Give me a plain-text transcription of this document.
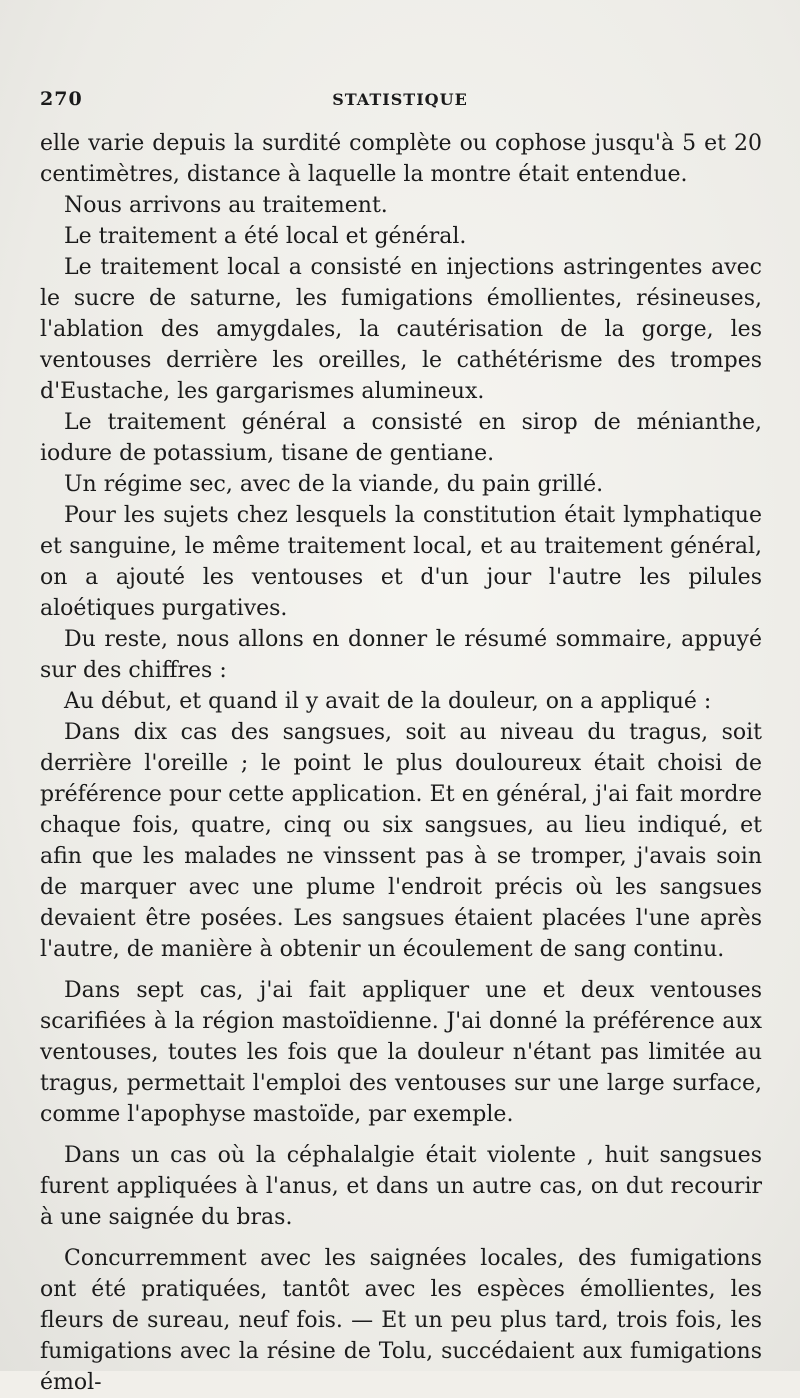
270	STATISTIQUE

elle varie depuis la surdité complète ou cophose jusqu'à 5 et 20 centimètres, distance à laquelle la montre était entendue.

Nous arrivons au traitement.

Le traitement a été local et général.

Le traitement local a consisté en injections astringentes avec le sucre de saturne, les fumigations émollientes, résineuses, l'ablation des amygdales, la cautérisation de la gorge, les ventouses derrière les oreilles, le cathétérisme des trompes d'Eustache, les gargarismes alumineux.

Le traitement général a consisté en sirop de ménianthe, iodure de potassium, tisane de gentiane.

Un régime sec, avec de la viande, du pain grillé.

Pour les sujets chez lesquels la constitution était lymphatique et sanguine, le même traitement local, et au traitement général, on a ajouté les ventouses et d'un jour l'autre les pilules aloétiques purgatives.

Du reste, nous allons en donner le résumé sommaire, appuyé sur des chiffres :

Au début, et quand il y avait de la douleur, on a appliqué :

Dans dix cas des sangsues, soit au niveau du tragus, soit derrière l'oreille ; le point le plus douloureux était choisi de préférence pour cette application. Et en général, j'ai fait mordre chaque fois, quatre, cinq ou six sangsues, au lieu indiqué, et afin que les malades ne vinssent pas à se tromper, j'avais soin de marquer avec une plume l'endroit précis où les sangsues devaient être posées. Les sangsues étaient placées l'une après l'autre, de manière à obtenir un écoulement de sang continu.

Dans sept cas, j'ai fait appliquer une et deux ventouses scarifiées à la région mastoïdienne. J'ai donné la préférence aux ventouses, toutes les fois que la douleur n'étant pas limitée au tragus, permettait l'emploi des ventouses sur une large surface, comme l'apophyse mastoïde, par exemple.

Dans un cas où la céphalalgie était violente , huit sangsues furent appliquées à l'anus, et dans un autre cas, on dut recourir à une saignée du bras.

Concurremment avec les saignées locales, des fumigations ont été pratiquées, tantôt avec les espèces émollientes, les fleurs de sureau, neuf fois. — Et un peu plus tard, trois fois, les fumigations avec la résine de Tolu, succédaient aux fumigations émol-
